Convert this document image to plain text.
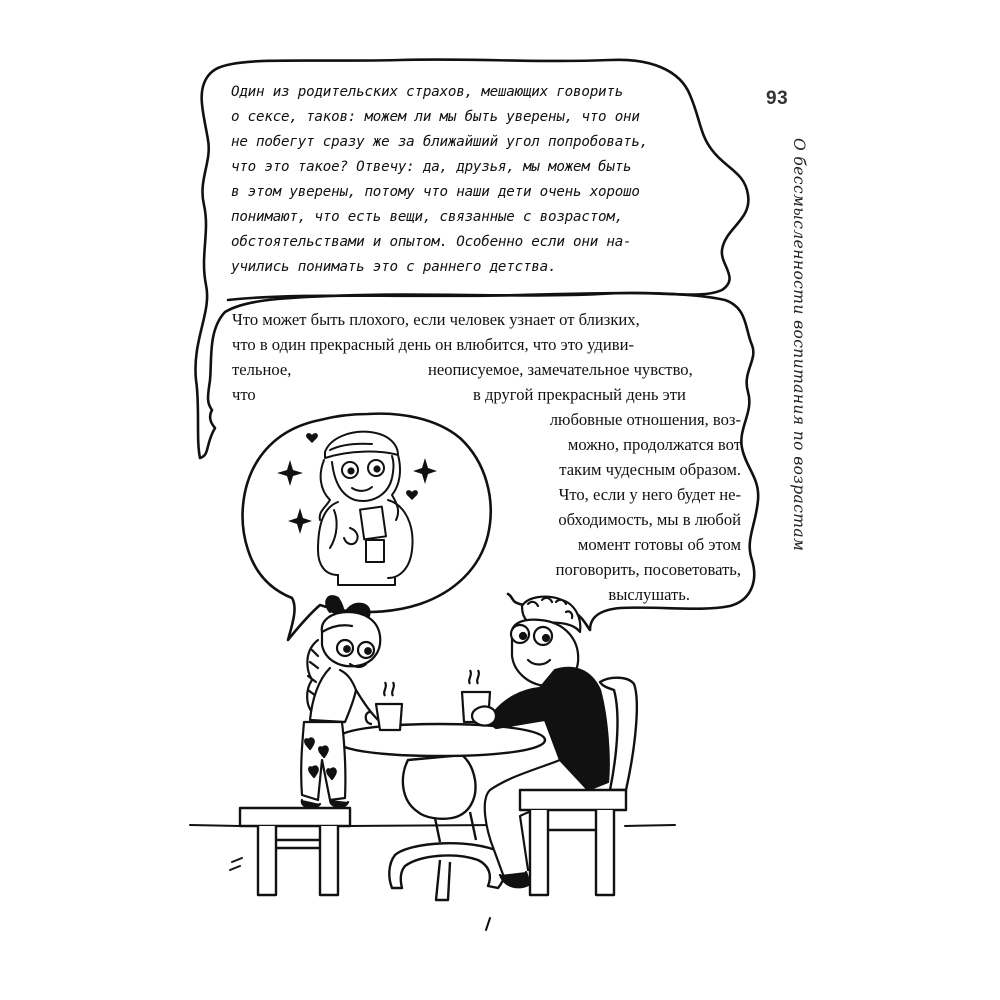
93
О бессмысленности воспитания по возрастам
Один из родительских страхов, мешающих говорить
о сексе, таков: можем ли мы быть уверены, что они
не побегут сразу же за ближайший угол попробовать,
что это такое? Отвечу: да, друзья, мы можем быть
в этом уверены, потому что наши дети очень хорошо
понимают, что есть вещи, связанные с возрастом,
обстоятельствами и опытом. Особенно если они на-
учились понимать это с раннего детства.
Что может быть плохого, если человек узнает от близких,
что в один прекрасный день он влюбится, что это удиви-
тельное,	неописуемое, замечательное чувство,
что	в другой прекрасный день эти
любовные отношения, воз-
можно, продолжатся вот
таким чудесным образом.
Что, если у него будет не-
обходимость, мы в любой
момент готовы об этом
поговорить, посоветовать,
выслушать.
